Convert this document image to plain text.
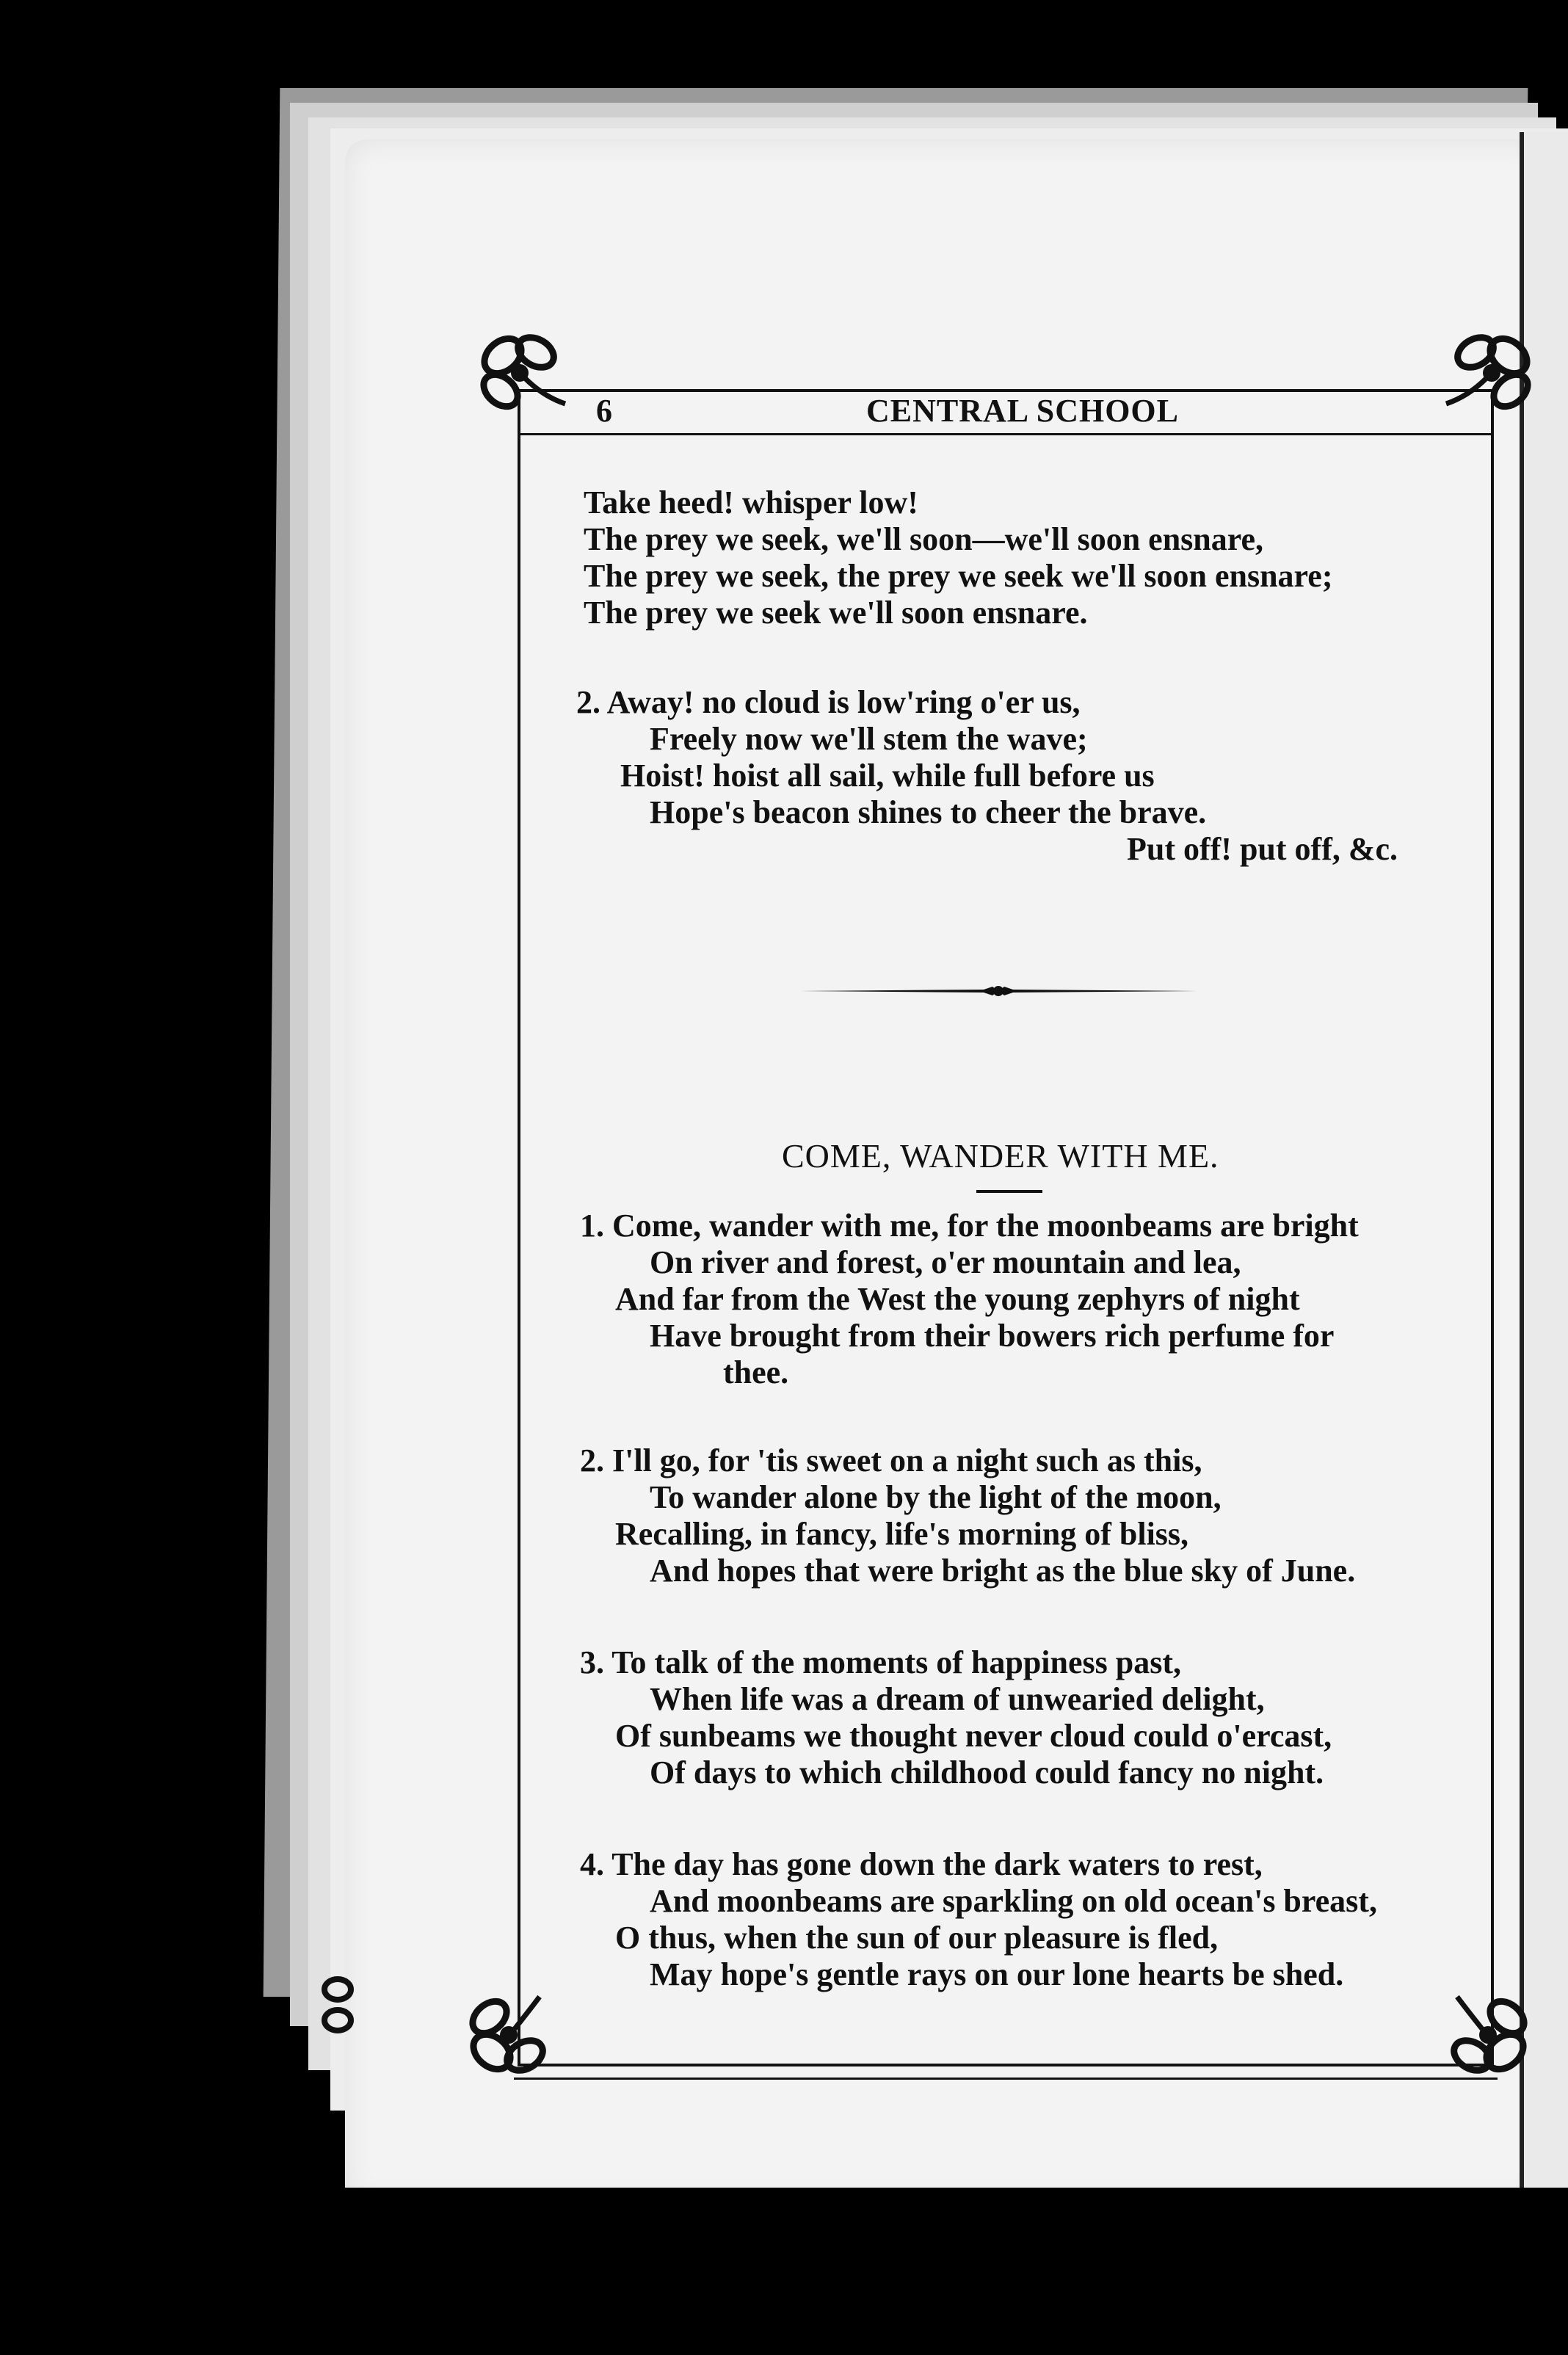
6	CENTRAL SCHOOL
Take heed! whisper low!
The prey we seek, we'll soon—we'll soon ensnare,
The prey we seek, the prey we seek we'll soon ensnare;
The prey we seek we'll soon ensnare.
2. Away! no cloud is low'ring o'er us,
Freely now we'll stem the wave;
Hoist! hoist all sail, while full before us
Hope's beacon shines to cheer the brave.
Put off! put off, &c.
COME, WANDER WITH ME.
1. Come, wander with me, for the moonbeams are bright
On river and forest, o'er mountain and lea,
And far from the West the young zephyrs of night
Have brought from their bowers rich perfume for
thee.
2. I'll go, for 'tis sweet on a night such as this,
To wander alone by the light of the moon,
Recalling, in fancy, life's morning of bliss,
And hopes that were bright as the blue sky of June.
3. To talk of the moments of happiness past,
When life was a dream of unwearied delight,
Of sunbeams we thought never cloud could o'ercast,
Of days to which childhood could fancy no night.
4. The day has gone down the dark waters to rest,
And moonbeams are sparkling on old ocean's breast,
O thus, when the sun of our pleasure is fled,
May hope's gentle rays on our lone hearts be shed.
